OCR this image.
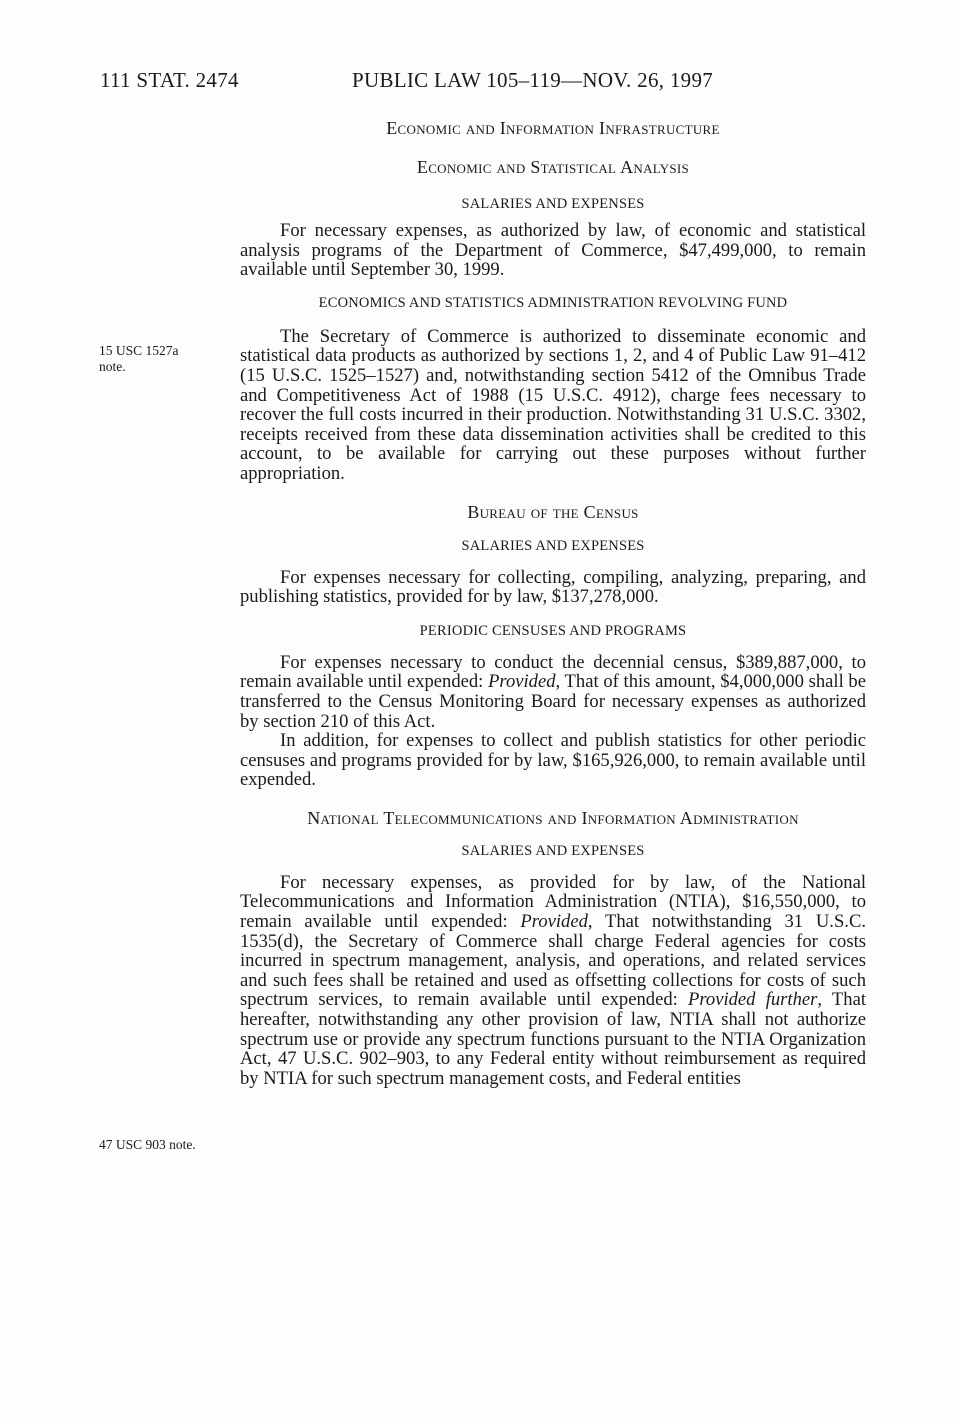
111 STAT. 2474	PUBLIC LAW 105–119—NOV. 26, 1997
15 USC 1527a
note.
47 USC 903 note.

Economic and Information Infrastructure

Economic and Statistical Analysis

SALARIES AND EXPENSES

For necessary expenses, as authorized by law, of economic and statistical analysis programs of the Department of Commerce, $47,499,000, to remain available until September 30, 1999.

ECONOMICS AND STATISTICS ADMINISTRATION REVOLVING FUND

The Secretary of Commerce is authorized to disseminate economic and statistical data products as authorized by sections 1, 2, and 4 of Public Law 91–412 (15 U.S.C. 1525–1527) and, notwithstanding section 5412 of the Omnibus Trade and Competitiveness Act of 1988 (15 U.S.C. 4912), charge fees necessary to recover the full costs incurred in their production. Notwithstanding 31 U.S.C. 3302, receipts received from these data dissemination activities shall be credited to this account, to be available for carrying out these purposes without further appropriation.

Bureau of the Census

SALARIES AND EXPENSES

For expenses necessary for collecting, compiling, analyzing, preparing, and publishing statistics, provided for by law, $137,278,000.

PERIODIC CENSUSES AND PROGRAMS

For expenses necessary to conduct the decennial census, $389,887,000, to remain available until expended: Provided, That of this amount, $4,000,000 shall be transferred to the Census Monitoring Board for necessary expenses as authorized by section 210 of this Act.

In addition, for expenses to collect and publish statistics for other periodic censuses and programs provided for by law, $165,926,000, to remain available until expended.

National Telecommunications and Information Administration

SALARIES AND EXPENSES

For necessary expenses, as provided for by law, of the National Telecommunications and Information Administration (NTIA), $16,550,000, to remain available until expended: Provided, That notwithstanding 31 U.S.C. 1535(d), the Secretary of Commerce shall charge Federal agencies for costs incurred in spectrum management, analysis, and operations, and related services and such fees shall be retained and used as offsetting collections for costs of such spectrum services, to remain available until expended: Provided further, That hereafter, notwithstanding any other provision of law, NTIA shall not authorize spectrum use or provide any spectrum functions pursuant to the NTIA Organization Act, 47 U.S.C. 902–903, to any Federal entity without reimbursement as required by NTIA for such spectrum management costs, and Federal entities
